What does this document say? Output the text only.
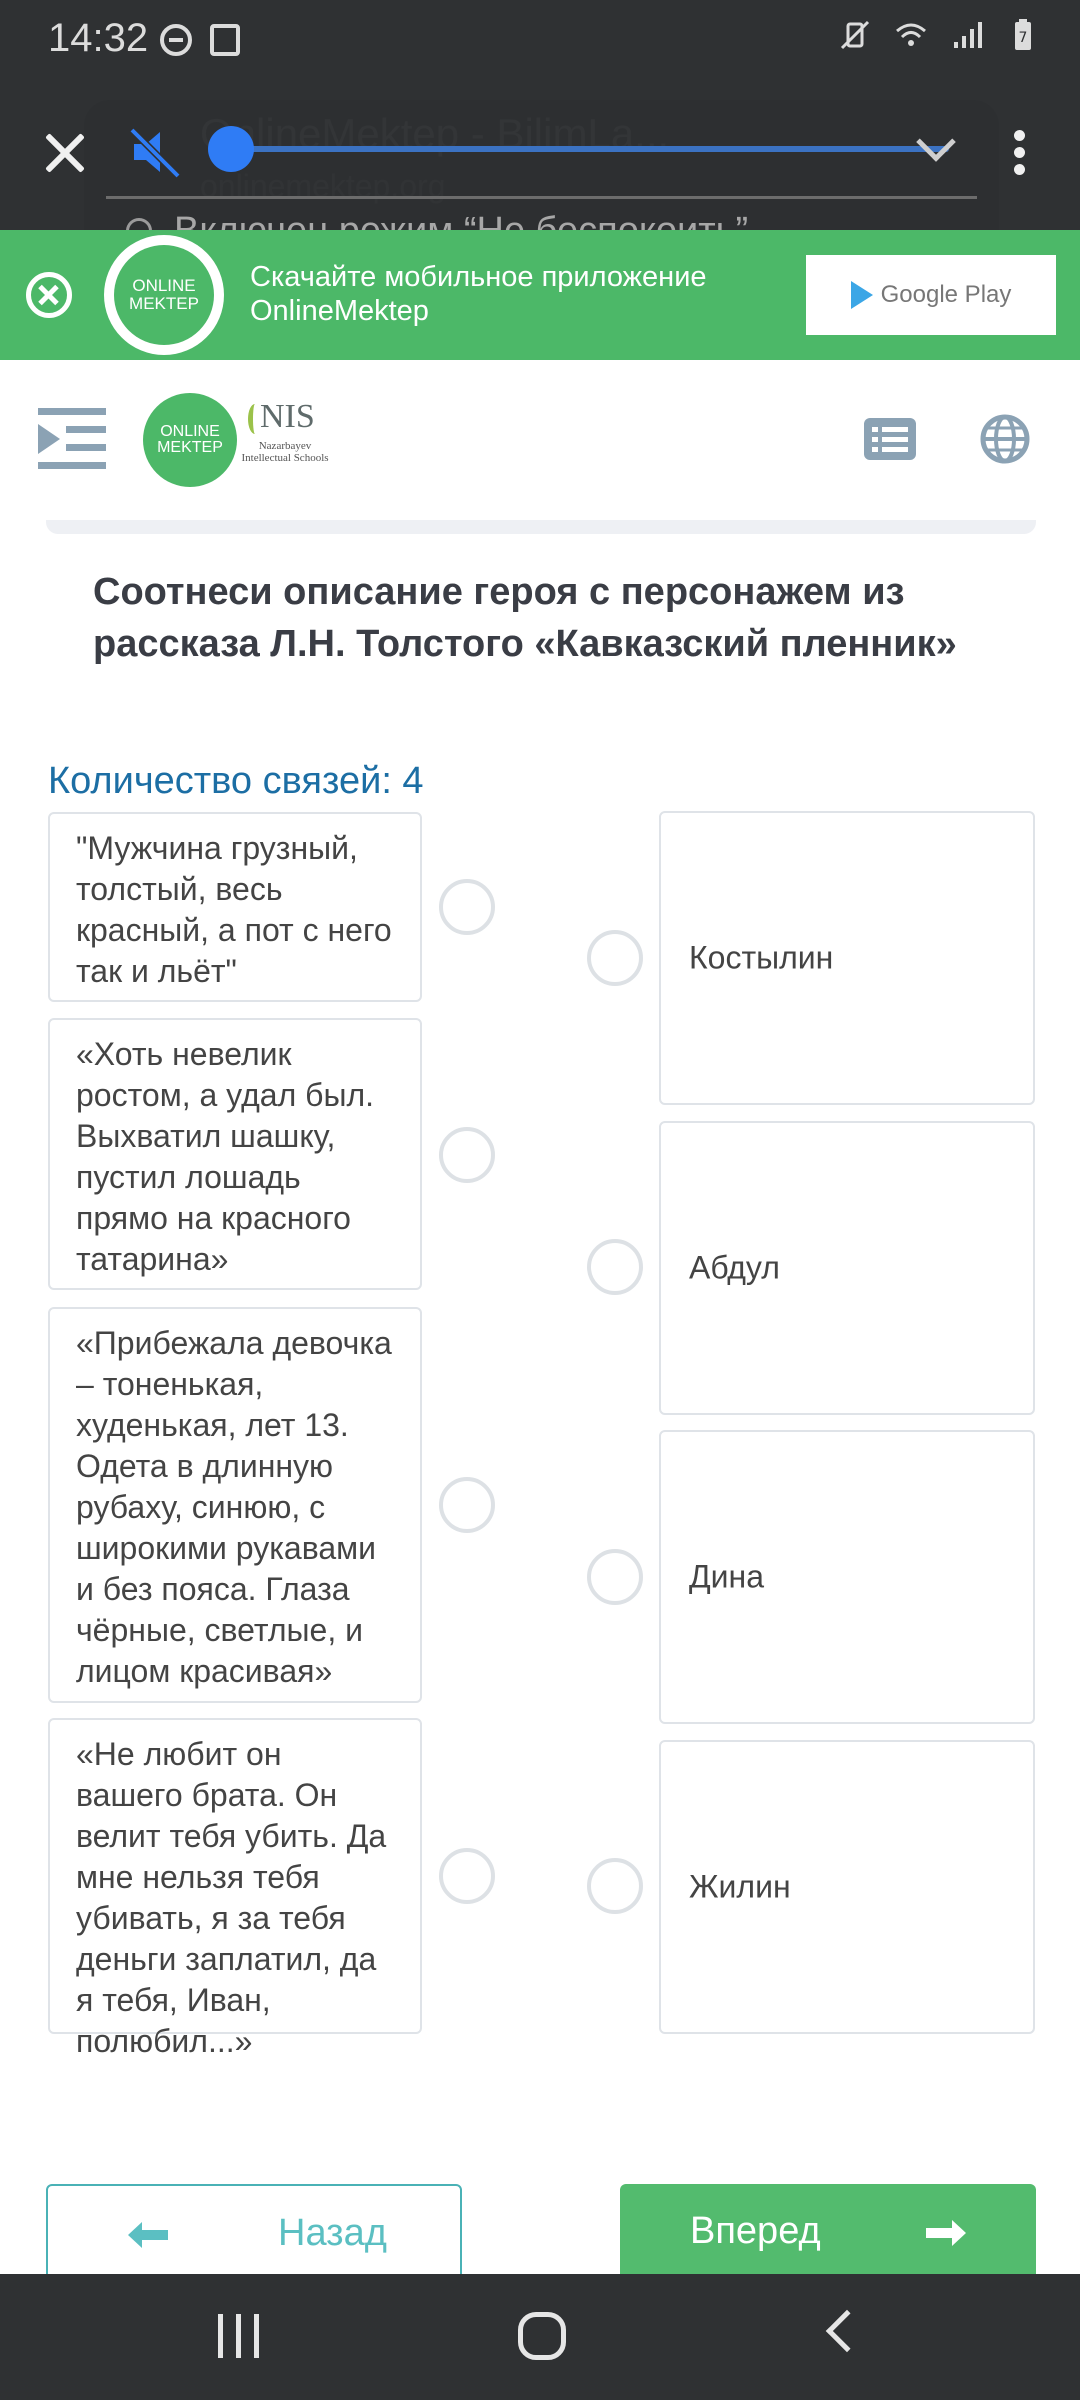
14:32	7
ONLINE
MEKTEP
Скачайте мобильное приложение
OnlineMektep
Google Play
ONLINE
MEKTEP
NIS
Nazarbayev Intellectual Schools
Соотнеси описание героя с персонажем из рассказа Л.Н. Толстого «Кавказский пленник»
Количество связей: 4
"Мужчина грузный, толстый, весь красный, а пот с него так и льёт"
«Хоть невелик ростом, а удал был. Выхватил шашку, пустил лошадь прямо на красного татарина»
«Прибежала девочка – тоненькая, худенькая, лет 13. Одета в длинную рубаху, синюю, с широкими рукавами и без пояса. Глаза чёрные, светлые, и лицом красивая»
«Не любит он вашего брата. Он велит тебя убить. Да мне нельзя тебя убивать, я за тебя деньги заплатил, да я тебя, Иван, полюбил...»
Костылин
Абдул
Дина
Жилин
Назад	Вперед
